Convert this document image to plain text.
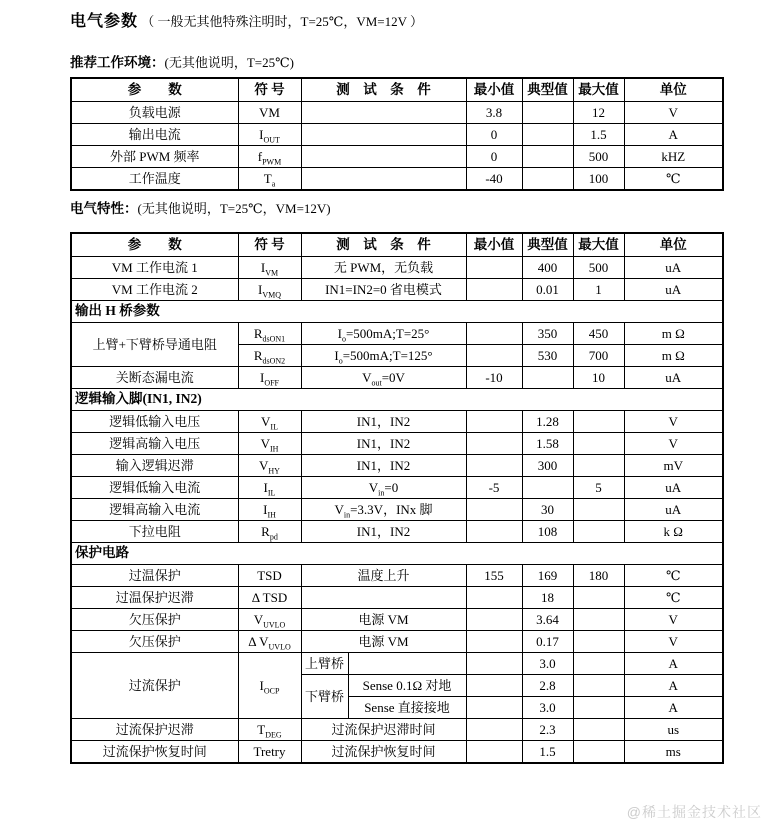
电气参数 （ 一般无其他特殊注明时，T=25℃，VM=12V ）
推荐工作环境：(无其他说明，T=25℃)
参　　数	符 号	测　试　条　件	最小值	典型值	最大值	单位
负载电源	VM		3.8		12	V
输出电流	$I_{OUT}$		0		1.5	A
外部 PWM 频率	$f_{PWM}$		0		500	kHZ
工作温度	$T_a$		-40		100	℃
电气特性：(无其他说明，T=25℃，VM=12V)
参　　数	符 号	测　试　条　件		最小值	典型值	最大值	单位
VM 工作电流 1	$I_{VM}$	无 PWM，无负载			400	500	uA
VM 工作电流 2	$I_{VMQ}$	IN1=IN2=0 省电模式			0.01	1	uA
输出 H 桥参数							
上臂+下臂桥导通电阻	$R_{dsON1}$	$I_o=500mA;T=25^\circ$			350	450	m Ω
	$R_{dsON2}$	$I_o=500mA;T=125^\circ$			530	700	m Ω
关断态漏电流	$I_{OFF}$	$V_{out}=0V$		-10		10	uA
逻辑输入脚(IN1, IN2)							
逻辑低输入电压	$V_{IL}$	IN1，IN2			1.28		V
逻辑高输入电压	$V_{IH}$	IN1，IN2			1.58		V
输入逻辑迟滞	$V_{HY}$	IN1，IN2			300		mV
逻辑低输入电流	$I_{IL}$	$V_{in}=0$		-5		5	uA
逻辑高输入电流	$I_{IH}$	$V_{in}=3.3V$，INx 脚			30		uA
下拉电阻	$R_{pd}$	IN1，IN2			108		k Ω
保护电路							
过温保护	TSD	温度上升		155	169	180	℃
过温保护迟滞	Δ TSD				18		℃
欠压保护	$V_{UVLO}$	电源 VM			3.64		V
欠压保护	Δ $V_{UVLO}$	电源 VM			0.17		V
过流保护	$I_{OCP}$	上臂桥			3.0		A
		下臂桥	Sense 0.1Ω 对地		2.8		A
			Sense 直接接地		3.0		A
过流保护迟滞	$T_{DEG}$	过流保护迟滞时间			2.3		us
过流保护恢复时间	Tretry	过流保护恢复时间			1.5		ms
@稀土掘金技术社区
